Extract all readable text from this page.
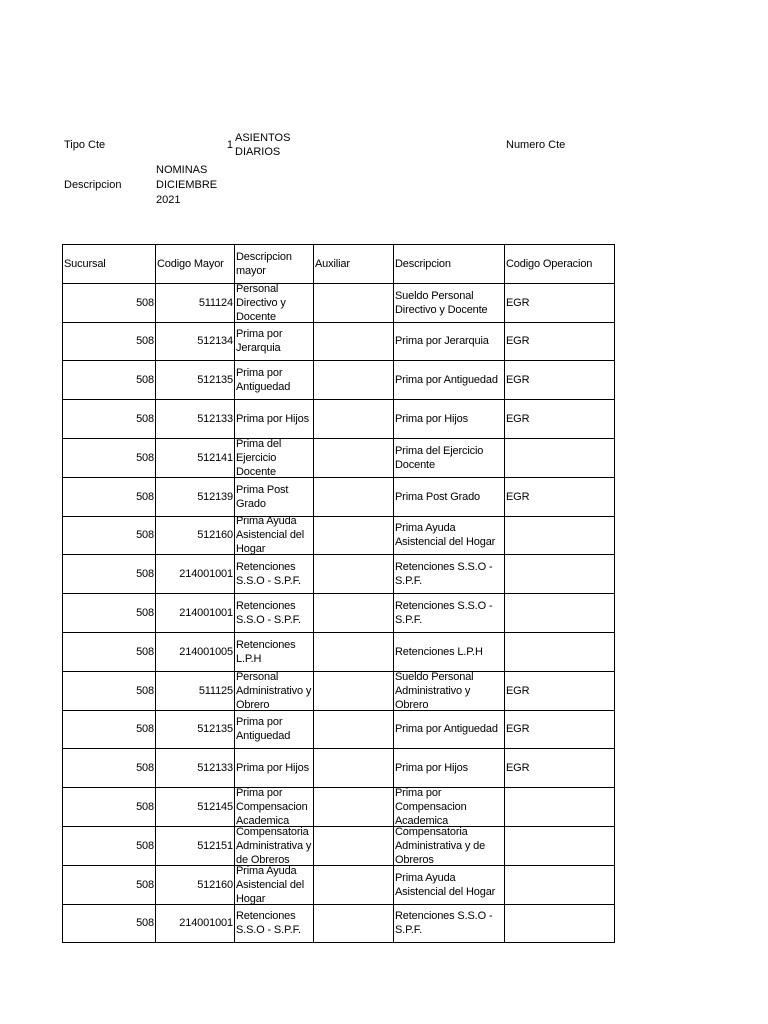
Tipo Cte	1
ASIENTOS DIARIOS
Numero Cte
Descripcion
NOMINAS DICIEMBRE 2021
Sucursal	Codigo Mayor	Descripcion mayor	Auxiliar	Descripcion	Codigo Operacion

508	511124	Personal Directivo y Docente		Sueldo Personal Directivo y Docente	EGR

508	512134	Prima por Jerarquia		Prima por Jerarquia	EGR

508	512135	Prima por Antiguedad		Prima por Antiguedad	EGR

508	512133	Prima por Hijos		Prima por Hijos	EGR

508	512141	Prima del Ejercicio Docente		Prima del Ejercicio Docente	

508	512139	Prima Post Grado		Prima Post Grado	EGR

508	512160	Prima Ayuda Asistencial del Hogar		Prima Ayuda Asistencial del Hogar	

508	214001001	Retenciones S.S.O - S.P.F.		Retenciones S.S.O - S.P.F.	

508	214001001	Retenciones S.S.O - S.P.F.		Retenciones S.S.O - S.P.F.	

508	214001005	Retenciones L.P.H		Retenciones L.P.H	

508	511125	Personal Administrativo y Obrero		Sueldo Personal Administrativo y Obrero	EGR

508	512135	Prima por Antiguedad		Prima por Antiguedad	EGR

508	512133	Prima por Hijos		Prima por Hijos	EGR

508	512145	Prima por Compensacion Academica		Prima por Compensacion Academica	

508	512151	Compensatoria Administrativa y de Obreros		Compensatoria Administrativa y de Obreros	

508	512160	Prima Ayuda Asistencial del Hogar		Prima Ayuda Asistencial del Hogar	

508	214001001	Retenciones S.S.O - S.P.F.		Retenciones S.S.O - S.P.F.	
